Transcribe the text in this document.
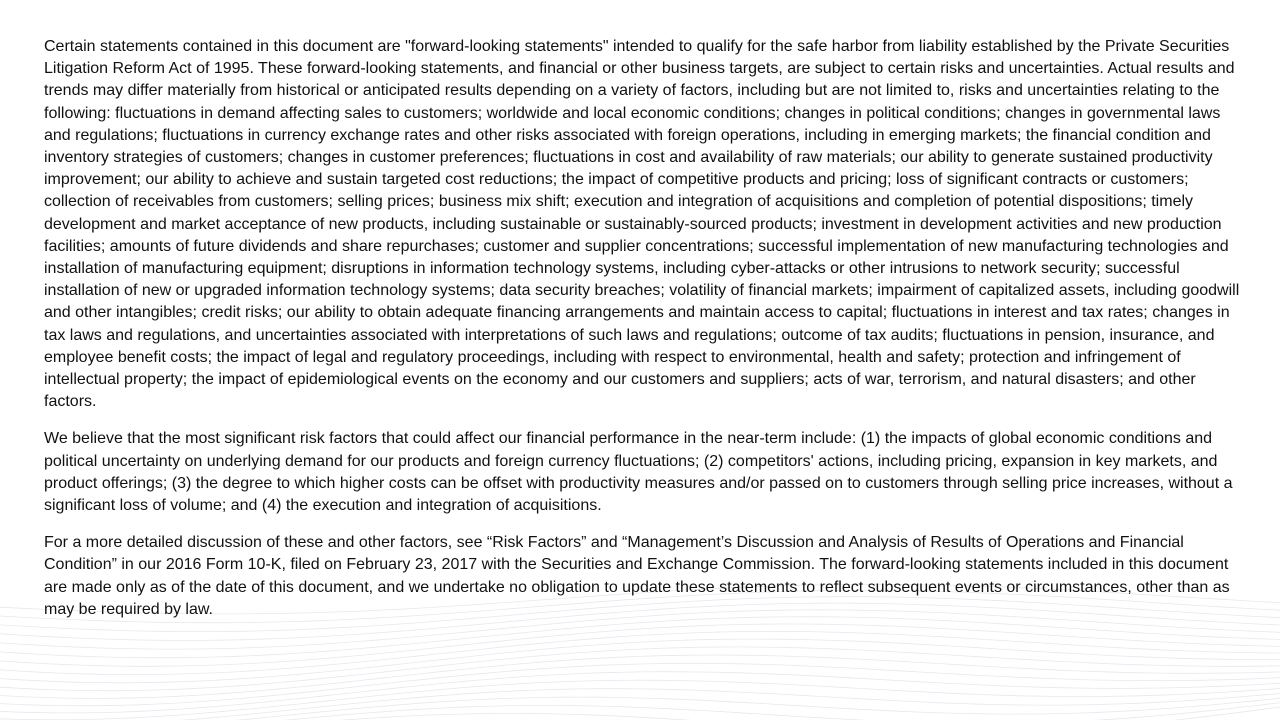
Certain statements contained in this document are "forward-looking statements" intended to qualify for the safe harbor from liability established by the Private Securities Litigation Reform Act of 1995. These forward-looking statements, and financial or other business targets, are subject to certain risks and uncertainties. Actual results and trends may differ materially from historical or anticipated results depending on a variety of factors, including but are not limited to, risks and uncertainties relating to the following: fluctuations in demand affecting sales to customers; worldwide and local economic conditions; changes in political conditions; changes in governmental laws and regulations; fluctuations in currency exchange rates and other risks associated with foreign operations, including in emerging markets; the financial condition and inventory strategies of customers; changes in customer preferences; fluctuations in cost and availability of raw materials; our ability to generate sustained productivity improvement; our ability to achieve and sustain targeted cost reductions; the impact of competitive products and pricing; loss of significant contracts or customers; collection of receivables from customers; selling prices; business mix shift; execution and integration of acquisitions and completion of potential dispositions; timely development and market acceptance of new products, including sustainable or sustainably-sourced products; investment in development activities and new production facilities; amounts of future dividends and share repurchases; customer and supplier concentrations; successful implementation of new manufacturing technologies and installation of manufacturing equipment; disruptions in information technology systems, including cyber-attacks or other intrusions to network security; successful installation of new or upgraded information technology systems; data security breaches; volatility of financial markets; impairment of capitalized assets, including goodwill and other intangibles; credit risks; our ability to obtain adequate financing arrangements and maintain access to capital; fluctuations in interest and tax rates; changes in tax laws and regulations, and uncertainties associated with interpretations of such laws and regulations; outcome of tax audits; fluctuations in pension, insurance, and employee benefit costs; the impact of legal and regulatory proceedings, including with respect to environmental, health and safety; protection and infringement of intellectual property; the impact of epidemiological events on the economy and our customers and suppliers; acts of war, terrorism, and natural disasters; and other factors.

We believe that the most significant risk factors that could affect our financial performance in the near-term include: (1) the impacts of global economic conditions and political uncertainty on underlying demand for our products and foreign currency fluctuations; (2) competitors' actions, including pricing, expansion in key markets, and product offerings; (3) the degree to which higher costs can be offset with productivity measures and/or passed on to customers through selling price increases, without a significant loss of volume; and (4) the execution and integration of acquisitions.

For a more detailed discussion of these and other factors, see “Risk Factors” and “Management’s Discussion and Analysis of Results of Operations and Financial Condition” in our 2016 Form 10-K, filed on February 23, 2017 with the Securities and Exchange Commission. The forward-looking statements included in this document are made only as of the date of this document, and we undertake no obligation to update these statements to reflect subsequent events or circumstances, other than as may be required by law.
